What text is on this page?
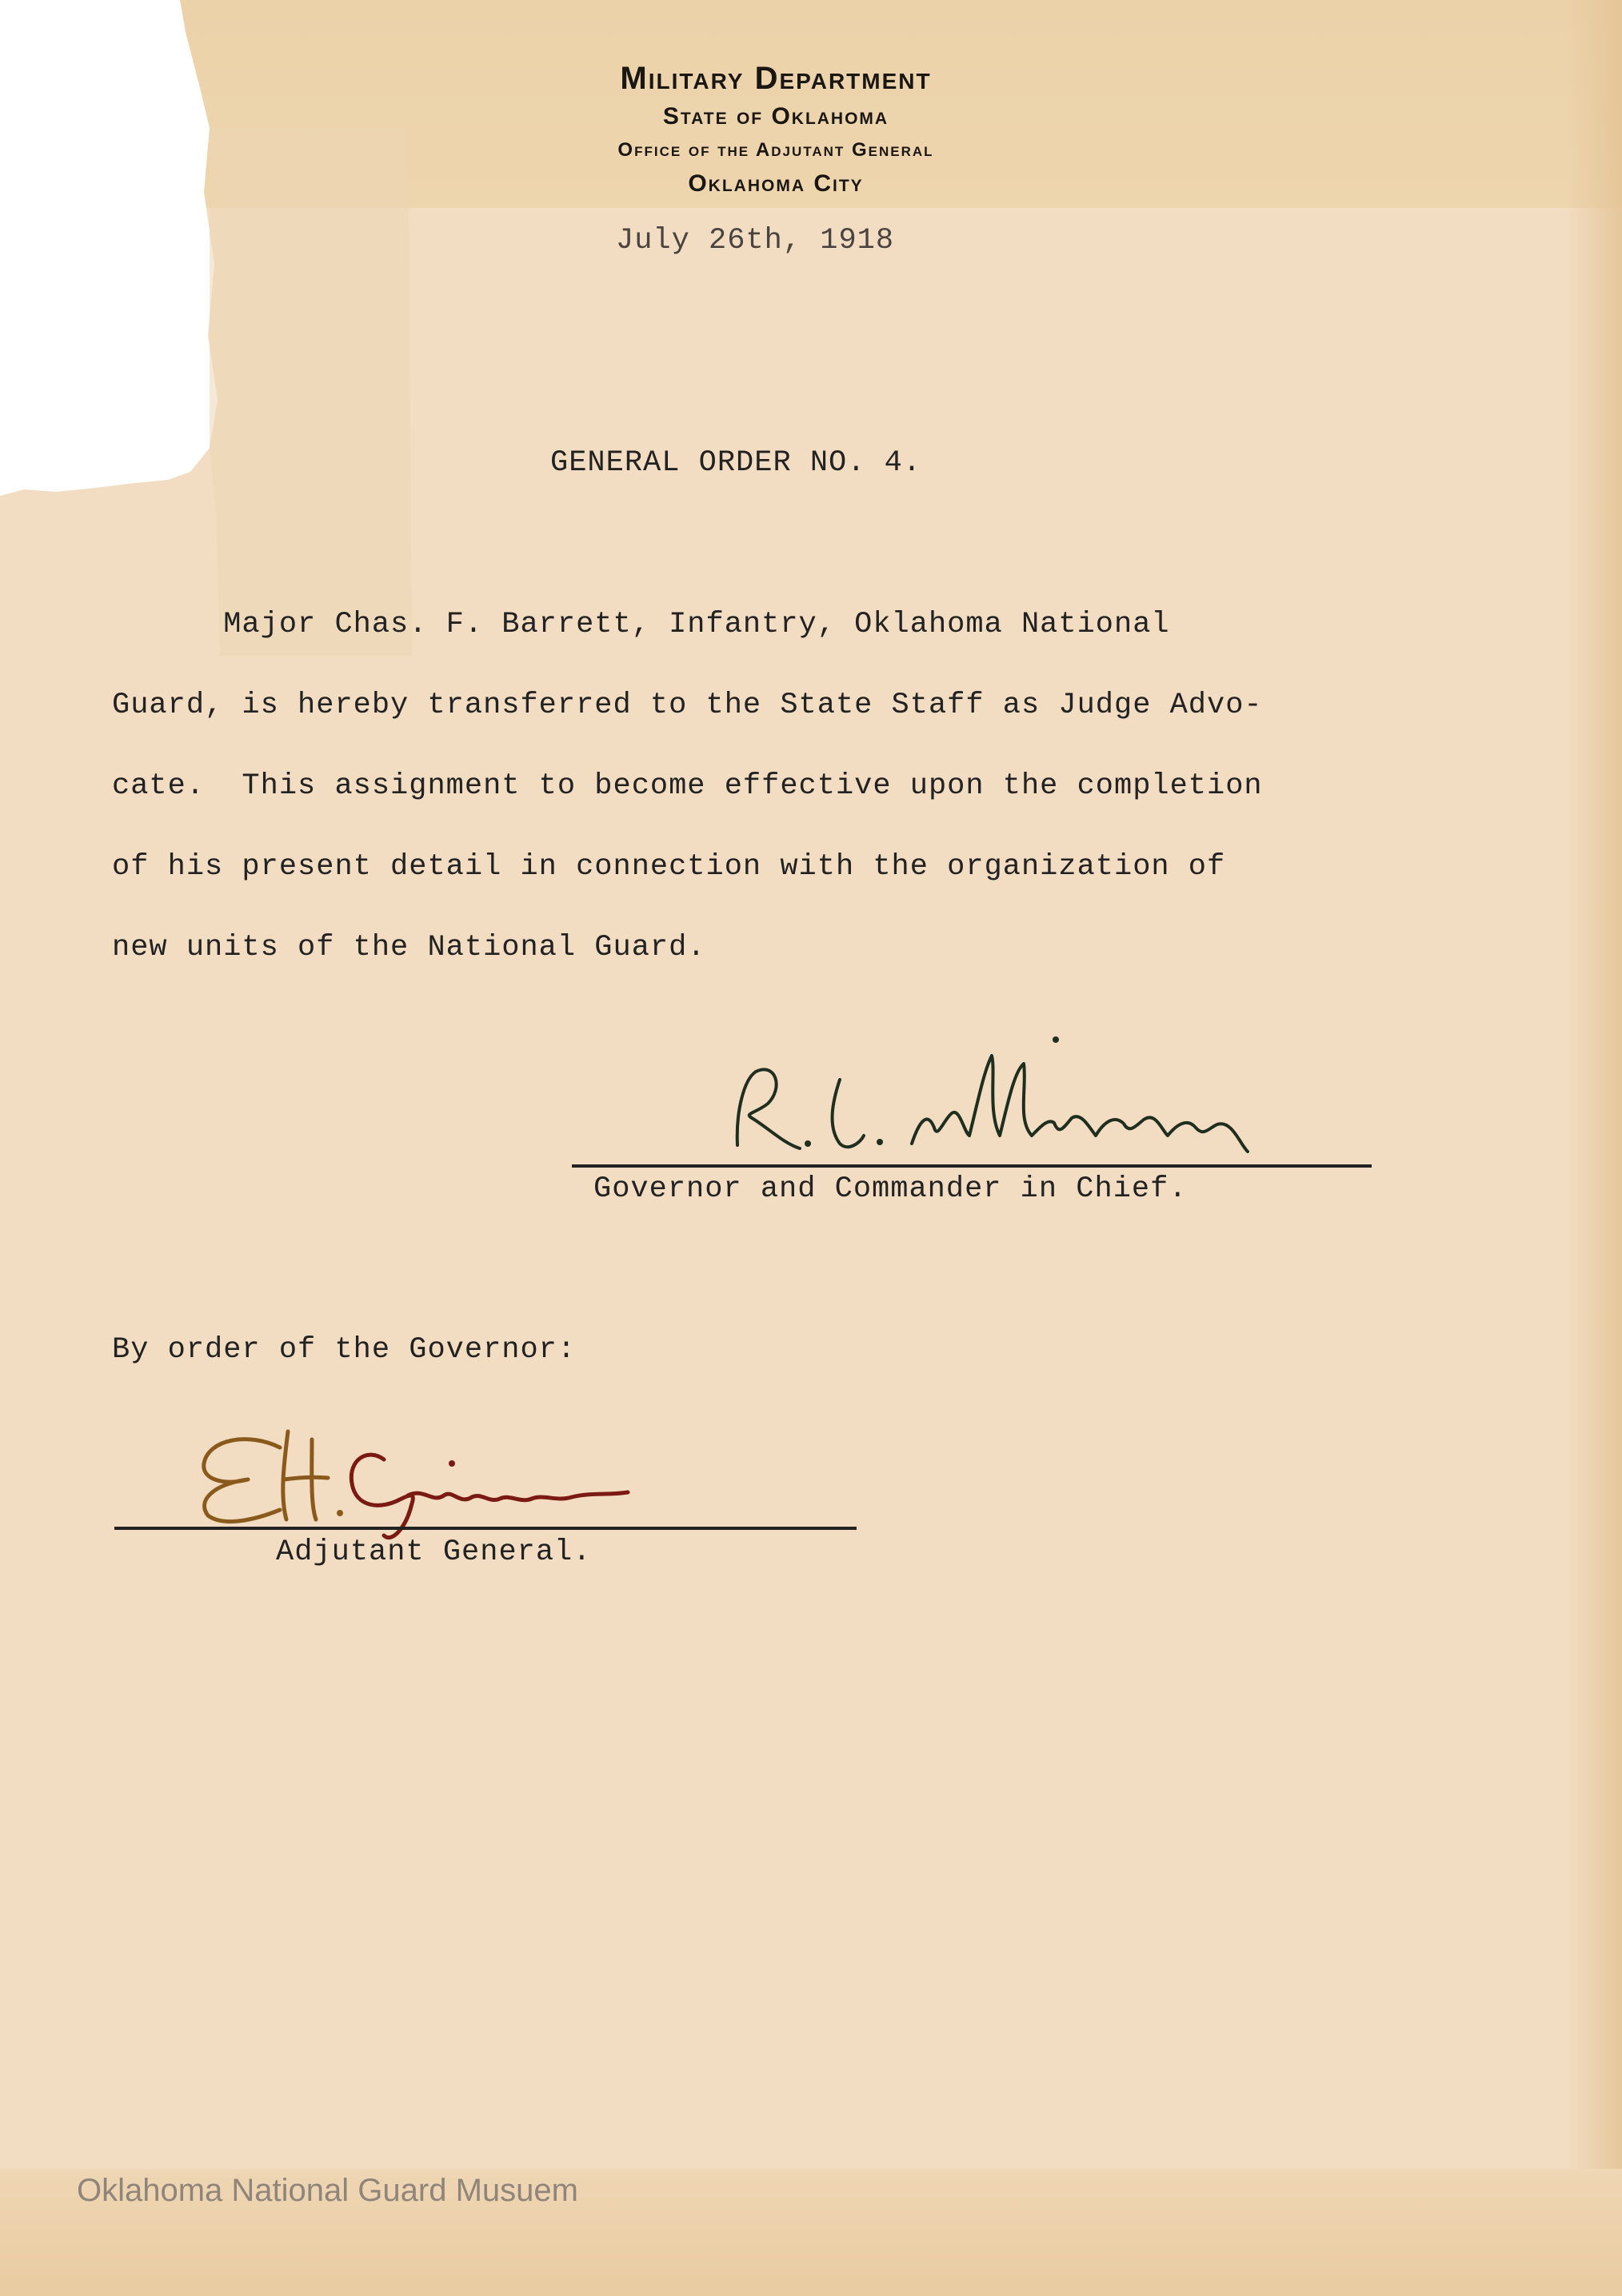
Military Department
State of Oklahoma
Office of the Adjutant General
Oklahoma City
July 26th, 1918
GENERAL ORDER NO. 4.
Major Chas. F. Barrett, Infantry, Oklahoma National
Guard, is hereby transferred to the State Staff as Judge Advo-
cate.  This assignment to become effective upon the completion
of his present detail in connection with the organization of
new units of the National Guard.
Governor and Commander in Chief.
By order of the Governor:
Adjutant General.
Oklahoma National Guard Musuem
